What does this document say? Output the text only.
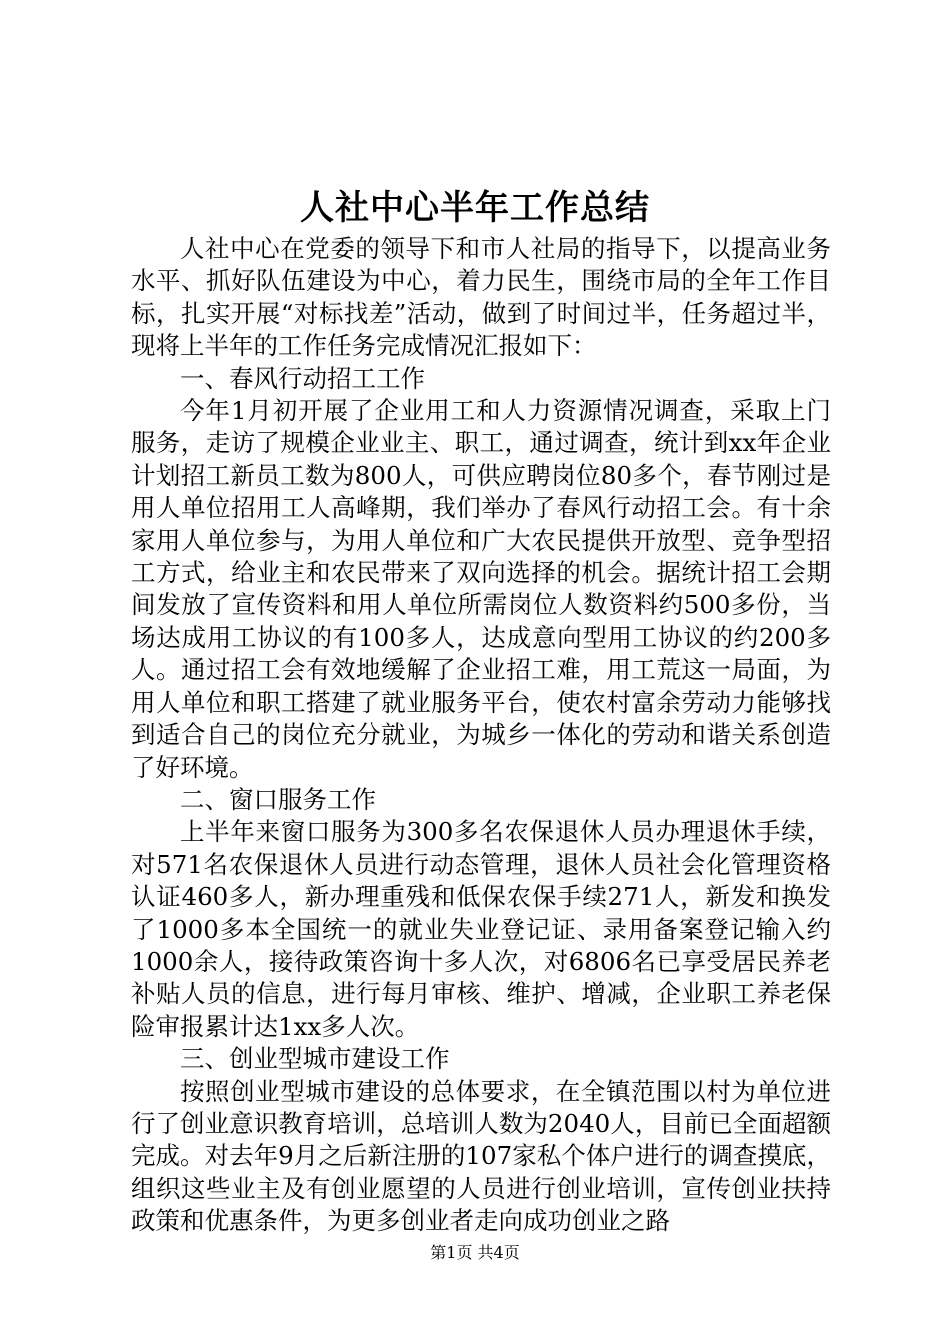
人社中心半年工作总结

人社中心在党委的领导下和市人社局的指导下，以提高业务水平、抓好队伍建设为中心，着力民生，围绕市局的全年工作目标，扎实开展“对标找差”活动，做到了时间过半，任务超过半，现将上半年的工作任务完成情况汇报如下：

一、春风行动招工工作

今年1月初开展了企业用工和人力资源情况调查，采取上门服务，走访了规模企业业主、职工，通过调查，统计到xx年企业计划招工新员工数为800人，可供应聘岗位80多个，春节刚过是用人单位招用工人高峰期，我们举办了春风行动招工会。有十余家用人单位参与，为用人单位和广大农民提供开放型、竞争型招工方式，给业主和农民带来了双向选择的机会。据统计招工会期间发放了宣传资料和用人单位所需岗位人数资料约500多份，当场达成用工协议的有100多人，达成意向型用工协议的约200多人。通过招工会有效地缓解了企业招工难，用工荒这一局面，为用人单位和职工搭建了就业服务平台，使农村富余劳动力能够找到适合自己的岗位充分就业，为城乡一体化的劳动和谐关系创造了好环境。

二、窗口服务工作

上半年来窗口服务为300多名农保退休人员办理退休手续，对571名农保退休人员进行动态管理，退休人员社会化管理资格认证460多人，新办理重残和低保农保手续271人，新发和换发了1000多本全国统一的就业失业登记证、录用备案登记输入约1000余人，接待政策咨询十多人次，对6806名已享受居民养老补贴人员的信息，进行每月审核、维护、增减，企业职工养老保险审报累计达1xx多人次。

三、创业型城市建设工作

按照创业型城市建设的总体要求，在全镇范围以村为单位进行了创业意识教育培训，总培训人数为2040人，目前已全面超额完成。对去年9月之后新注册的107家私个体户进行的调查摸底，组织这些业主及有创业愿望的人员进行创业培训，宣传创业扶持政策和优惠条件，为更多创业者走向成功创业之路

第1页 共4页
